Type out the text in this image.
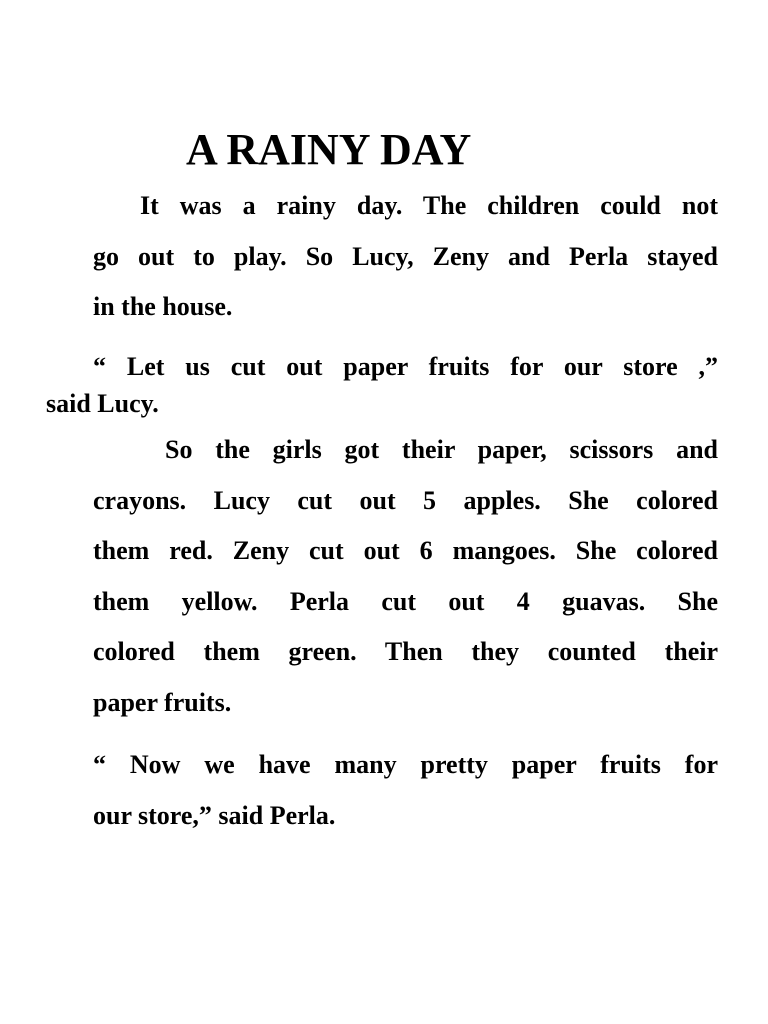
A RAINY DAY

It was a rainy day. The children could not
go out to play. So Lucy, Zeny and Perla stayed
in the house.

“ Let us cut out paper fruits for our store ,”
said Lucy.

So the girls got their paper, scissors and
crayons. Lucy cut out 5 apples. She colored
them red. Zeny cut out 6 mangoes. She colored
them yellow. Perla cut out 4 guavas. She
colored them green. Then they counted their
paper fruits.

“ Now we have many pretty paper fruits for
our store,” said Perla.
